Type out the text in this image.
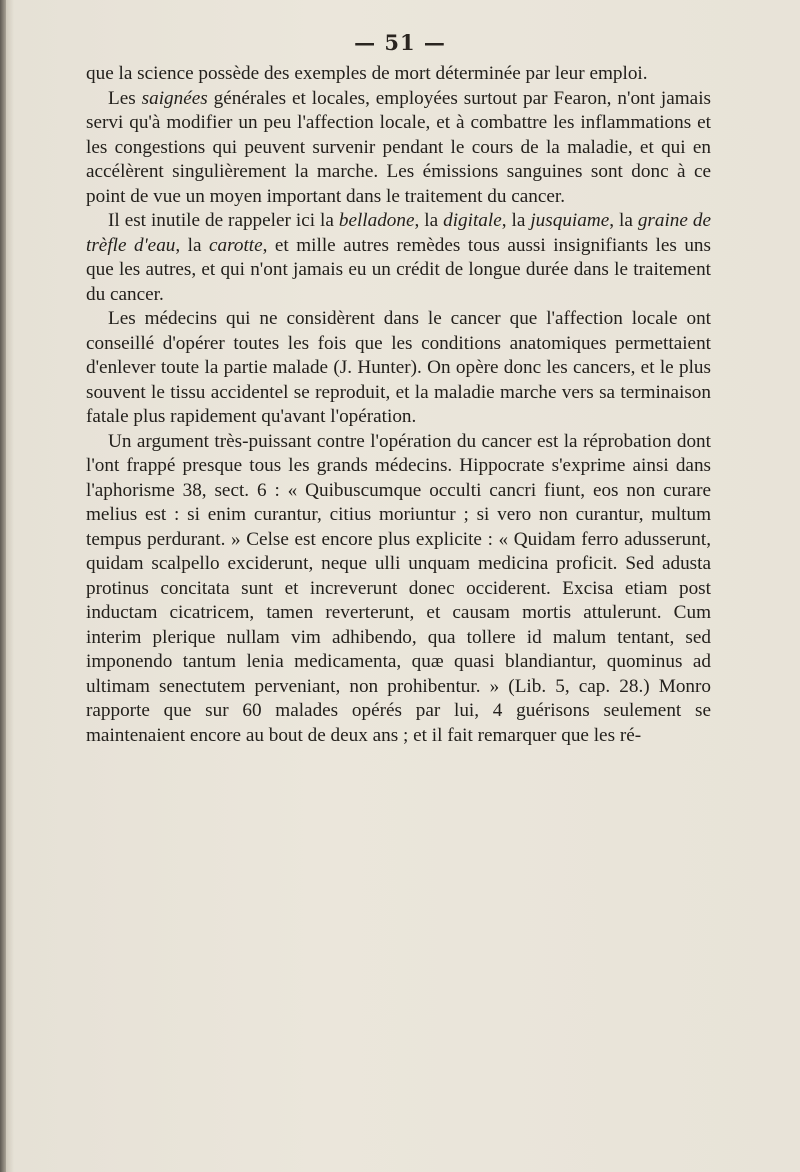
— 51 —

que la science possède des exemples de mort déterminée par leur emploi.

Les saignées générales et locales, employées surtout par Fearon, n'ont jamais servi qu'à modifier un peu l'affection locale, et à combattre les inflammations et les congestions qui peuvent survenir pendant le cours de la maladie, et qui en accélèrent singulièrement la marche. Les émissions sanguines sont donc à ce point de vue un moyen important dans le traitement du cancer.

Il est inutile de rappeler ici la belladone, la digitale, la jusquiame, la graine de trèfle d'eau, la carotte, et mille autres remèdes tous aussi insignifiants les uns que les autres, et qui n'ont jamais eu un crédit de longue durée dans le traitement du cancer.

Les médecins qui ne considèrent dans le cancer que l'affection locale ont conseillé d'opérer toutes les fois que les conditions anatomiques permettaient d'enlever toute la partie malade (J. Hunter). On opère donc les cancers, et le plus souvent le tissu accidentel se reproduit, et la maladie marche vers sa terminaison fatale plus rapidement qu'avant l'opération.

Un argument très-puissant contre l'opération du cancer est la réprobation dont l'ont frappé presque tous les grands médecins. Hippocrate s'exprime ainsi dans l'aphorisme 38, sect. 6 : « Quibuscumque occulti cancri fiunt, eos non curare melius est : si enim curantur, citius moriuntur ; si vero non curantur, multum tempus perdurant. » Celse est encore plus explicite : « Quidam ferro adusserunt, quidam scalpello exciderunt, neque ulli unquam medicina proficit. Sed adusta protinus concitata sunt et increverunt donec occiderent. Excisa etiam post inductam cicatricem, tamen reverterunt, et causam mortis attulerunt. Cum interim plerique nullam vim adhibendo, qua tollere id malum tentant, sed imponendo tantum lenia medicamenta, quæ quasi blandiantur, quominus ad ultimam senectutem perveniant, non prohibentur. » (Lib. 5, cap. 28.) Monro rapporte que sur 60 malades opérés par lui, 4 guérisons seulement se maintenaient encore au bout de deux ans ; et il fait remarquer que les ré-
